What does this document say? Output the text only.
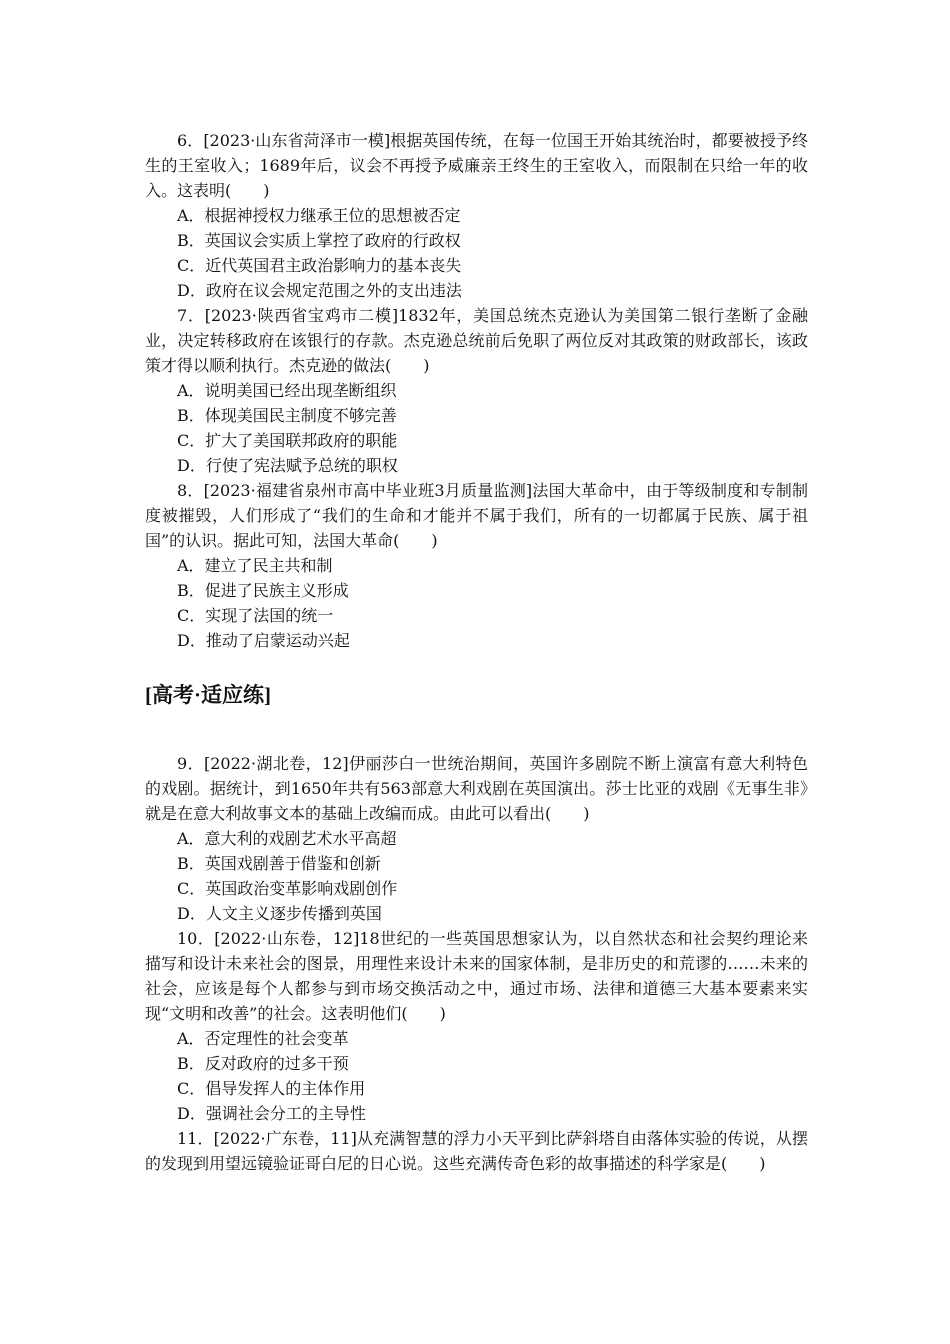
6．[2023·山东省菏泽市一模]根据英国传统，在每一位国王开始其统治时，都要被授予终生的王室收入；1689年后，议会不再授予威廉亲王终生的王室收入，而限制在只给一年的收入。这表明(　　)

A．根据神授权力继承王位的思想被否定

B．英国议会实质上掌控了政府的行政权

C．近代英国君主政治影响力的基本丧失

D．政府在议会规定范围之外的支出违法

7．[2023·陕西省宝鸡市二模]1832年，美国总统杰克逊认为美国第二银行垄断了金融业，决定转移政府在该银行的存款。杰克逊总统前后免职了两位反对其政策的财政部长，该政策才得以顺利执行。杰克逊的做法(　　)

A．说明美国已经出现垄断组织

B．体现美国民主制度不够完善

C．扩大了美国联邦政府的职能

D．行使了宪法赋予总统的职权

8．[2023·福建省泉州市高中毕业班3月质量监测]法国大革命中，由于等级制度和专制制度被摧毁，人们形成了“我们的生命和才能并不属于我们，所有的一切都属于民族、属于祖国”的认识。据此可知，法国大革命(　　)

A．建立了民主共和制

B．促进了民族主义形成

C．实现了法国的统一

D．推动了启蒙运动兴起

[高考·适应练]

9．[2022·湖北卷，12]伊丽莎白一世统治期间，英国许多剧院不断上演富有意大利特色的戏剧。据统计，到1650年共有563部意大利戏剧在英国演出。莎士比亚的戏剧《无事生非》就是在意大利故事文本的基础上改编而成。由此可以看出(　　)

A．意大利的戏剧艺术水平高超

B．英国戏剧善于借鉴和创新

C．英国政治变革影响戏剧创作

D．人文主义逐步传播到英国

10．[2022·山东卷，12]18世纪的一些英国思想家认为，以自然状态和社会契约理论来描写和设计未来社会的图景，用理性来设计未来的国家体制，是非历史的和荒谬的……未来的社会，应该是每个人都参与到市场交换活动之中，通过市场、法律和道德三大基本要素来实现“文明和改善”的社会。这表明他们(　　)

A．否定理性的社会变革

B．反对政府的过多干预

C．倡导发挥人的主体作用

D．强调社会分工的主导性

11．[2022·广东卷，11]从充满智慧的浮力小天平到比萨斜塔自由落体实验的传说，从摆的发现到用望远镜验证哥白尼的日心说。这些充满传奇色彩的故事描述的科学家是(　　)
